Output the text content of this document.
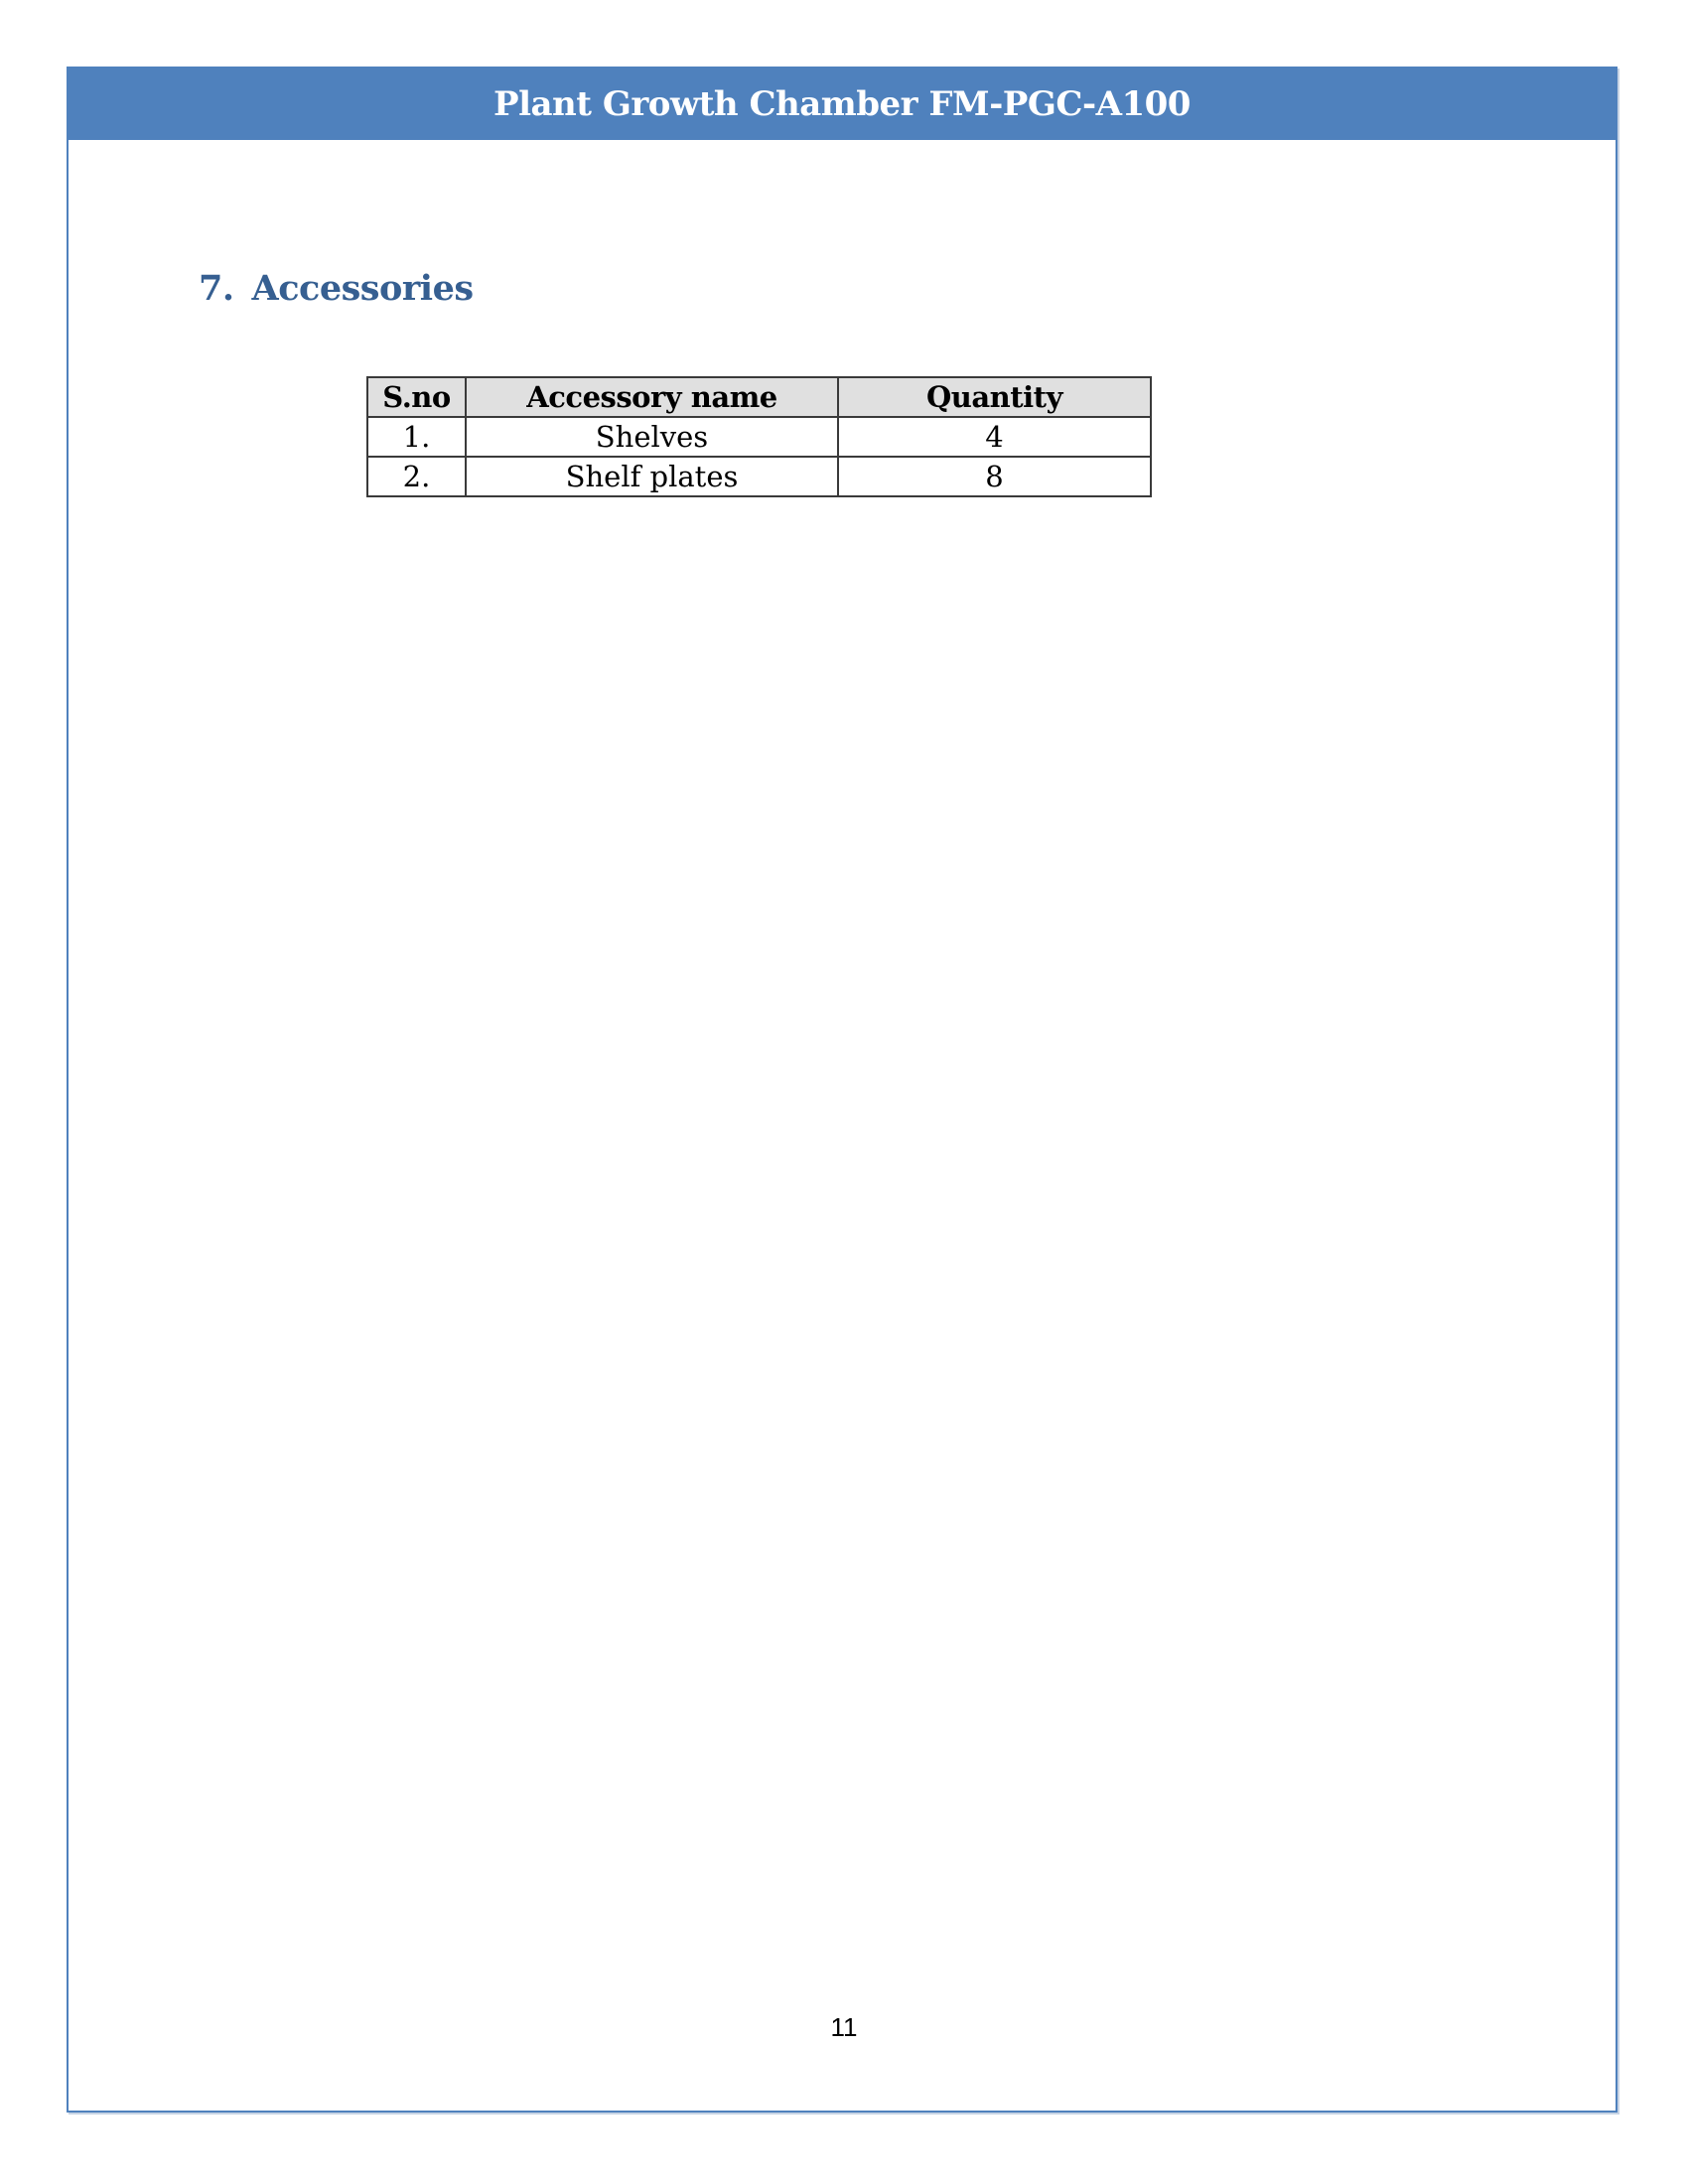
Plant Growth Chamber FM-PGC-A100
7. Accessories
S.no	Accessory name	Quantity
1.	Shelves	4
2.	Shelf plates	8
11
